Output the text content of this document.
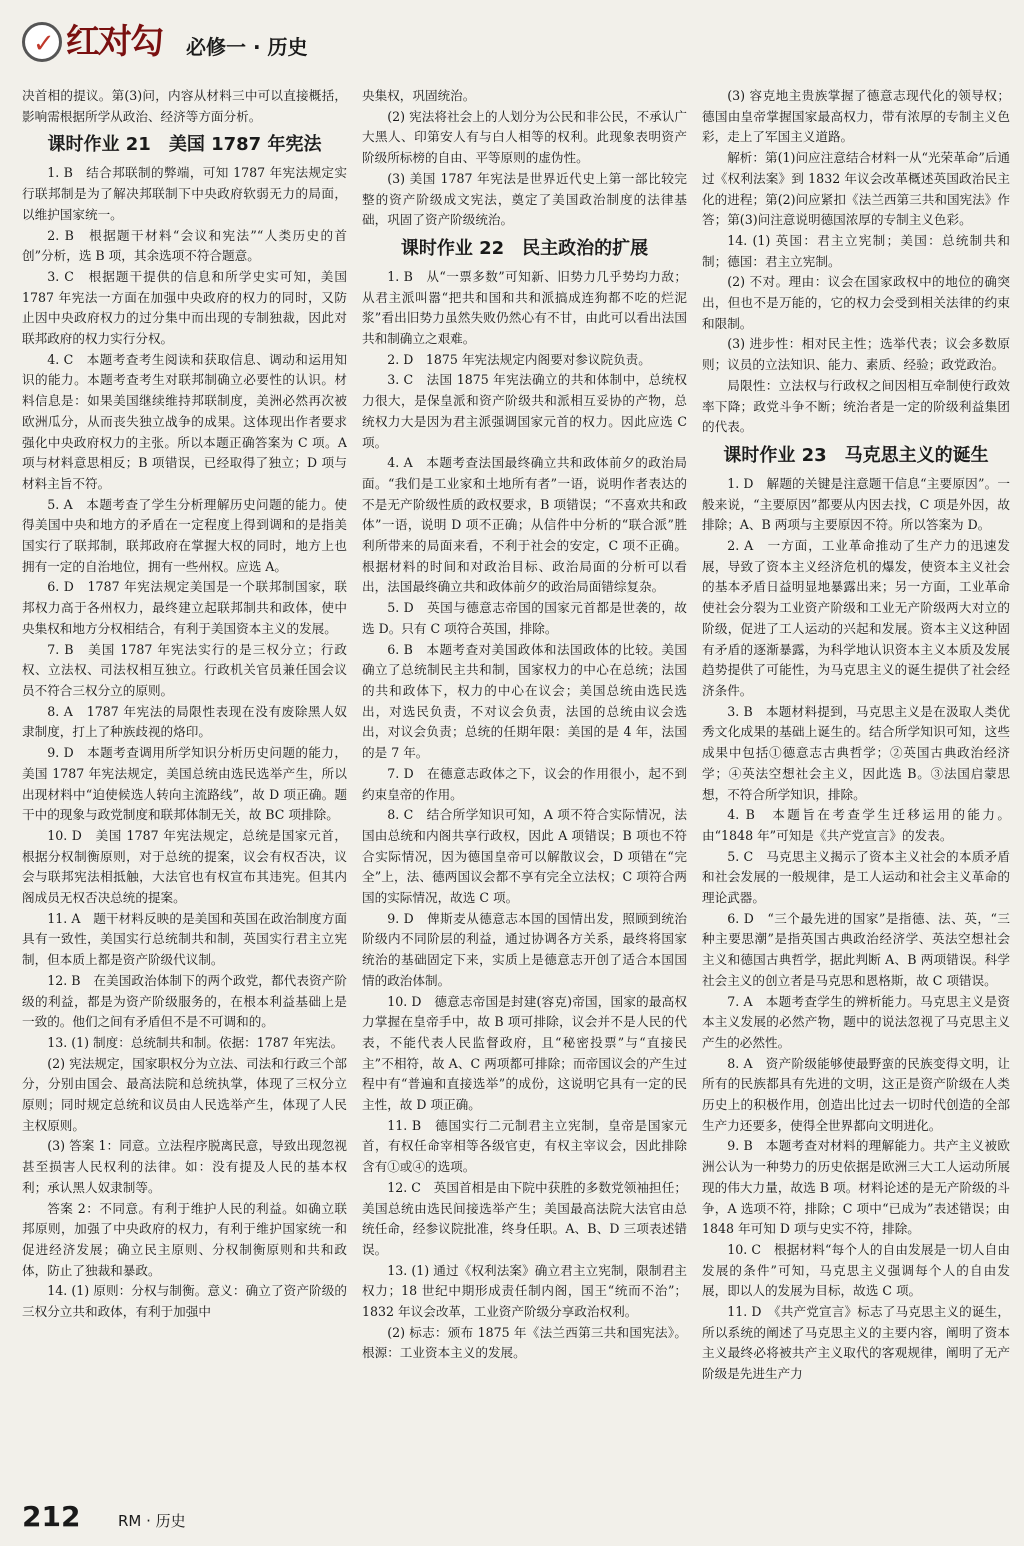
✓ 红对勾 必修一 · 历史

决首相的提议。第(3)问，内容从材料三中可以直接概括，影响需根据所学从政治、经济等方面分析。

课时作业 21　美国 1787 年宪法

1. B　结合邦联制的弊端，可知 1787 年宪法规定实行联邦制是为了解决邦联制下中央政府软弱无力的局面，以维护国家统一。

2. B　根据题干材料“会议和宪法”“人类历史的首创”分析，选 B 项，其余选项不符合题意。

3. C　根据题干提供的信息和所学史实可知，美国 1787 年宪法一方面在加强中央政府的权力的同时，又防止因中央政府权力的过分集中而出现的专制独裁，因此对联邦政府的权力实行分权。

4. C　本题考查考生阅读和获取信息、调动和运用知识的能力。本题考查考生对联邦制确立必要性的认识。材料信息是：如果美国继续维持邦联制度，美洲必然再次被欧洲瓜分，从而丧失独立战争的成果。这体现出作者要求强化中央政府权力的主张。所以本题正确答案为 C 项。A 项与材料意思相反；B 项错误，已经取得了独立；D 项与材料主旨不符。

5. A　本题考查了学生分析理解历史问题的能力。使得美国中央和地方的矛盾在一定程度上得到调和的是指美国实行了联邦制，联邦政府在掌握大权的同时，地方上也拥有一定的自治地位，拥有一些州权。应选 A。

6. D　1787 年宪法规定美国是一个联邦制国家，联邦权力高于各州权力，最终建立起联邦制共和政体，使中央集权和地方分权相结合，有利于美国资本主义的发展。

7. B　美国 1787 年宪法实行的是三权分立；行政权、立法权、司法权相互独立。行政机关官员兼任国会议员不符合三权分立的原则。

8. A　1787 年宪法的局限性表现在没有废除黑人奴隶制度，打上了种族歧视的烙印。

9. D　本题考查调用所学知识分析历史问题的能力，美国 1787 年宪法规定，美国总统由选民选举产生，所以出现材料中“迫使候选人转向主流路线”，故 D 项正确。题干中的现象与政党制度和联邦体制无关，故 BC 项排除。

10. D　美国 1787 年宪法规定，总统是国家元首，根据分权制衡原则，对于总统的提案，议会有权否决，议会与联邦宪法相抵触，大法官也有权宣布其违宪。但其内阁成员无权否决总统的提案。

11. A　题干材料反映的是美国和英国在政治制度方面具有一致性，美国实行总统制共和制，英国实行君主立宪制，但本质上都是资产阶级代议制。

12. B　在美国政治体制下的两个政党，都代表资产阶级的利益，都是为资产阶级服务的，在根本利益基础上是一致的。他们之间有矛盾但不是不可调和的。

13. (1) 制度：总统制共和制。依据：1787 年宪法。

(2) 宪法规定，国家职权分为立法、司法和行政三个部分，分别由国会、最高法院和总统执掌，体现了三权分立原则；同时规定总统和议员由人民选举产生，体现了人民主权原则。

(3) 答案 1：同意。立法程序脱离民意，导致出现忽视甚至损害人民权利的法律。如：没有提及人民的基本权利；承认黑人奴隶制等。

答案 2：不同意。有利于维护人民的利益。如确立联邦原则，加强了中央政府的权力，有利于维护国家统一和促进经济发展；确立民主原则、分权制衡原则和共和政体，防止了独裁和暴政。

14. (1) 原则：分权与制衡。意义：确立了资产阶级的三权分立共和政体，有利于加强中

央集权，巩固统治。

(2) 宪法将社会上的人划分为公民和非公民，不承认广大黑人、印第安人有与白人相等的权利。此现象表明资产阶级所标榜的自由、平等原则的虚伪性。

(3) 美国 1787 年宪法是世界近代史上第一部比较完整的资产阶级成文宪法，奠定了美国政治制度的法律基础，巩固了资产阶级统治。

课时作业 22　民主政治的扩展

1. B　从“一票多数”可知新、旧势力几乎势均力敌；从君主派叫嚣“把共和国和共和派搞成连狗都不吃的烂泥浆”看出旧势力虽然失败仍然心有不甘，由此可以看出法国共和制确立之艰难。

2. D　1875 年宪法规定内阁要对参议院负责。

3. C　法国 1875 年宪法确立的共和体制中，总统权力很大，是保皇派和资产阶级共和派相互妥协的产物，总统权力大是因为君主派强调国家元首的权力。因此应选 C 项。

4. A　本题考查法国最终确立共和政体前夕的政治局面。“我们是工业家和土地所有者”一语，说明作者表达的不是无产阶级性质的政权要求，B 项错误；“不喜欢共和政体”一语，说明 D 项不正确；从信件中分析的“联合派”胜利所带来的局面来看，不利于社会的安定，C 项不正确。根据材料的时间和对政治目标、政治局面的分析可以看出，法国最终确立共和政体前夕的政治局面错综复杂。

5. D　英国与德意志帝国的国家元首都是世袭的，故选 D。只有 C 项符合英国，排除。

6. B　本题考查对美国政体和法国政体的比较。美国确立了总统制民主共和制，国家权力的中心在总统；法国的共和政体下，权力的中心在议会；美国总统由选民选出，对选民负责，不对议会负责，法国的总统由议会选出，对议会负责；总统的任期年限：美国的是 4 年，法国的是 7 年。

7. D　在德意志政体之下，议会的作用很小，起不到约束皇帝的作用。

8. C　结合所学知识可知，A 项不符合实际情况，法国由总统和内阁共享行政权，因此 A 项错误；B 项也不符合实际情况，因为德国皇帝可以解散议会，D 项错在“完全”上，法、德两国议会都不享有完全立法权；C 项符合两国的实际情况，故选 C 项。

9. D　俾斯麦从德意志本国的国情出发，照顾到统治阶级内不同阶层的利益，通过协调各方关系，最终将国家统治的基础固定下来，实质上是德意志开创了适合本国国情的政治体制。

10. D　德意志帝国是封建(容克)帝国，国家的最高权力掌握在皇帝手中，故 B 项可排除，议会并不是人民的代表，不能代表人民监督政府，且“秘密投票”与“直接民主”不相符，故 A、C 两项都可排除；而帝国议会的产生过程中有“普遍和直接选举”的成份，这说明它具有一定的民主性，故 D 项正确。

11. B　德国实行二元制君主立宪制，皇帝是国家元首，有权任命宰相等各级官吏，有权主宰议会，因此排除含有①或④的选项。

12. C　英国首相是由下院中获胜的多数党领袖担任；美国总统由选民间接选举产生；美国最高法院大法官由总统任命，经参议院批准，终身任职。A、B、D 三项表述错误。

13. (1) 通过《权利法案》确立君主立宪制，限制君主权力；18 世纪中期形成责任制内阁，国王“统而不治”；1832 年议会改革，工业资产阶级分享政治权利。

(2) 标志：颁布 1875 年《法兰西第三共和国宪法》。根源：工业资本主义的发展。

(3) 容克地主贵族掌握了德意志现代化的领导权；德国由皇帝掌握国家最高权力，带有浓厚的专制主义色彩，走上了军国主义道路。

解析：第(1)问应注意结合材料一从“光荣革命”后通过《权利法案》到 1832 年议会改革概述英国政治民主化的进程；第(2)问应紧扣《法兰西第三共和国宪法》作答；第(3)问注意说明德国浓厚的专制主义色彩。

14. (1) 英国：君主立宪制；美国：总统制共和制；德国：君主立宪制。

(2) 不对。理由：议会在国家政权中的地位的确突出，但也不是万能的，它的权力会受到相关法律的约束和限制。

(3) 进步性：相对民主性；选举代表；议会多数原则；议员的立法知识、能力、素质、经验；政党政治。

局限性：立法权与行政权之间因相互牵制使行政效率下降；政党斗争不断；统治者是一定的阶级利益集团的代表。

课时作业 23　马克思主义的诞生

1. D　解题的关键是注意题干信息“主要原因”。一般来说，“主要原因”都要从内因去找，C 项是外因，故排除；A、B 两项与主要原因不符。所以答案为 D。

2. A　一方面，工业革命推动了生产力的迅速发展，导致了资本主义经济危机的爆发，使资本主义社会的基本矛盾日益明显地暴露出来；另一方面，工业革命使社会分裂为工业资产阶级和工业无产阶级两大对立的阶级，促进了工人运动的兴起和发展。资本主义这种固有矛盾的逐渐暴露，为科学地认识资本主义本质及发展趋势提供了可能性，为马克思主义的诞生提供了社会经济条件。

3. B　本题材料提到，马克思主义是在汲取人类优秀文化成果的基础上诞生的。结合所学知识可知，这些成果中包括①德意志古典哲学；②英国古典政治经济学；④英法空想社会主义，因此选 B。③法国启蒙思想，不符合所学知识，排除。

4. B　本题旨在考查学生迁移运用的能力。由“1848 年”可知是《共产党宣言》的发表。

5. C　马克思主义揭示了资本主义社会的本质矛盾和社会发展的一般规律，是工人运动和社会主义革命的理论武器。

6. D　“三个最先进的国家”是指德、法、英，“三种主要思潮”是指英国古典政治经济学、英法空想社会主义和德国古典哲学，据此判断 A、B 两项错误。科学社会主义的创立者是马克思和恩格斯，故 C 项错误。

7. A　本题考查学生的辨析能力。马克思主义是资本主义发展的必然产物，题中的说法忽视了马克思主义产生的必然性。

8. A　资产阶级能够使最野蛮的民族变得文明，让所有的民族都具有先进的文明，这正是资产阶级在人类历史上的积极作用，创造出比过去一切时代创造的全部生产力还要多，使得全世界都向文明进化。

9. B　本题考查对材料的理解能力。共产主义被欧洲公认为一种势力的历史依据是欧洲三大工人运动所展现的伟大力量，故选 B 项。材料论述的是无产阶级的斗争，A 选项不符，排除；C 项中“已成为”表述错误；由 1848 年可知 D 项与史实不符，排除。

10. C　根据材料“每个人的自由发展是一切人自由发展的条件”可知，马克思主义强调每个人的自由发展，即以人的发展为目标，故选 C 项。

11. D　《共产党宣言》标志了马克思主义的诞生，所以系统的阐述了马克思主义的主要内容，阐明了资本主义最终必将被共产主义取代的客观规律，阐明了无产阶级是先进生产力

212	RM · 历史
